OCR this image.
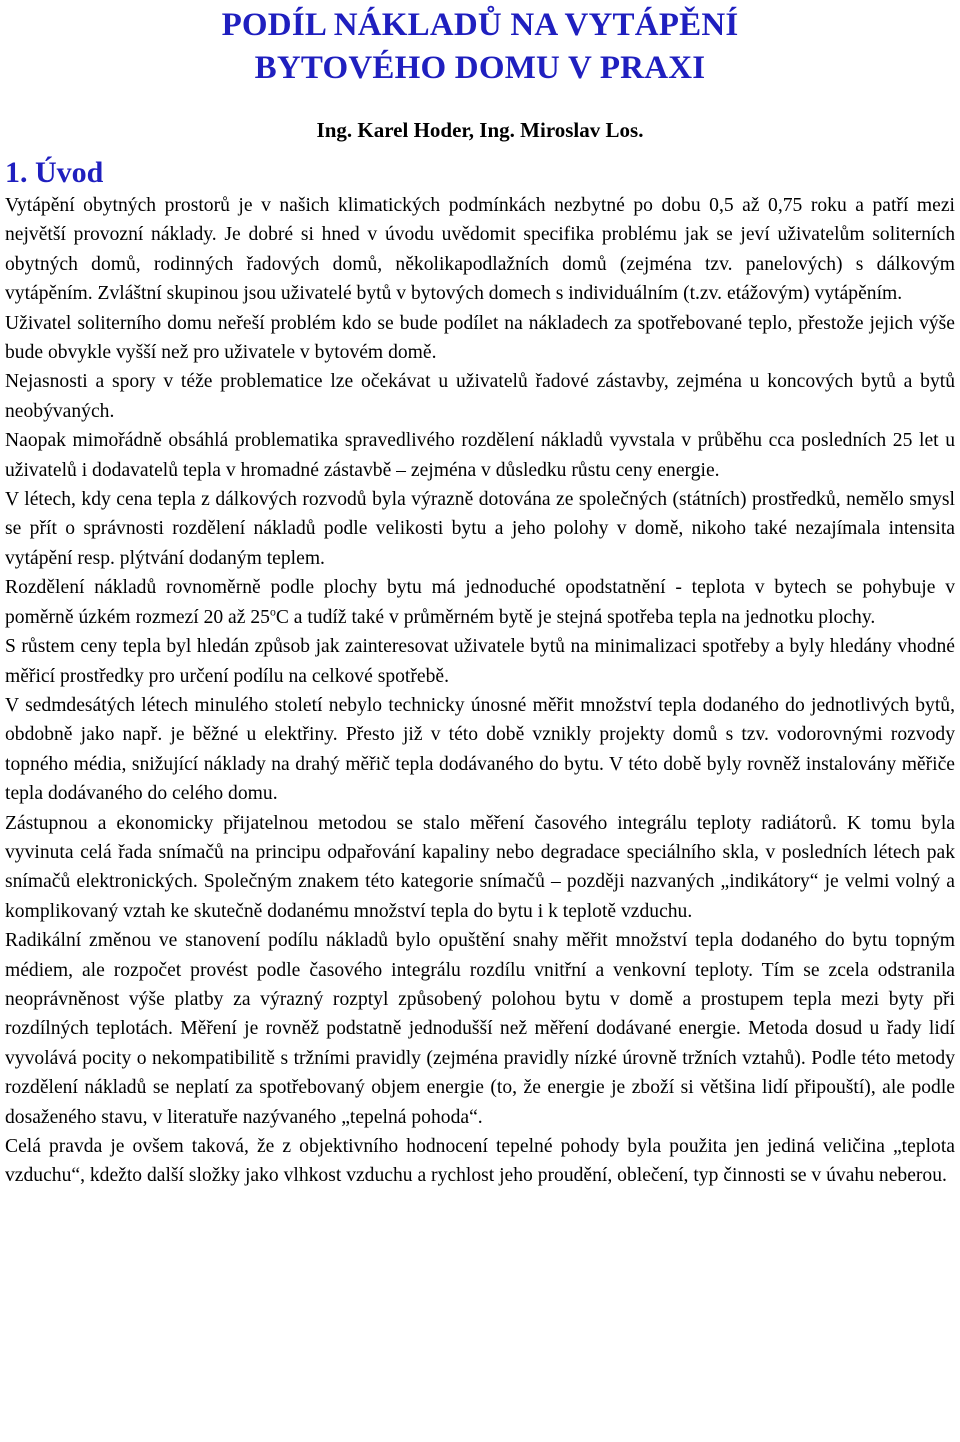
PODÍL NÁKLADŮ NA VYTÁPĚNÍ
BYTOVÉHO DOMU V PRAXI

Ing. Karel Hoder, Ing. Miroslav Los.

1. Úvod

Vytápění obytných prostorů je v našich klimatických podmínkách nezbytné po dobu 0,5 až 0,75 roku a patří mezi největší provozní náklady. Je dobré si hned v úvodu uvědomit specifika problému jak se jeví uživatelům soliterních obytných domů, rodinných řadových domů, několikapodlažních domů (zejména tzv. panelových) s dálkovým vytápěním. Zvláštní skupinou jsou uživatelé bytů v bytových domech s individuálním (t.zv. etážovým) vytápěním.

Uživatel soliterního domu neřeší problém kdo se bude podílet na nákladech za spotřebované teplo, přestože jejich výše bude obvykle vyšší než pro uživatele v bytovém domě.

Nejasnosti a spory v téže problematice lze očekávat u uživatelů řadové zástavby, zejména u koncových bytů a bytů neobývaných.

Naopak mimořádně obsáhlá problematika spravedlivého rozdělení nákladů vyvstala v průběhu cca posledních 25 let u uživatelů i dodavatelů tepla v hromadné zástavbě – zejména v důsledku růstu ceny energie.

V létech, kdy cena tepla z dálkových rozvodů byla výrazně dotována ze společných (státních) prostředků, nemělo smysl se přít o správnosti rozdělení nákladů podle velikosti bytu a jeho polohy v domě, nikoho také nezajímala intensita vytápění resp. plýtvání dodaným teplem.

Rozdělení nákladů rovnoměrně podle plochy bytu má jednoduché opodstatnění - teplota v bytech se pohybuje v poměrně úzkém rozmezí 20 až 25$^o$C a tudíž také v průměrném bytě je stejná spotřeba tepla na jednotku plochy.

S růstem ceny tepla byl hledán způsob jak zainteresovat uživatele bytů na minimalizaci spotřeby a byly hledány vhodné měřicí prostředky pro určení podílu na celkové spotřebě.

V sedmdesátých létech minulého století nebylo technicky únosné měřit množství tepla dodaného do jednotlivých bytů, obdobně jako např. je běžné u elektřiny. Přesto již v této době vznikly projekty domů s tzv. vodorovnými rozvody topného média, snižující náklady na drahý měřič tepla dodávaného do bytu. V této době byly rovněž instalovány měřiče tepla dodávaného do celého domu.

Zástupnou a ekonomicky přijatelnou metodou se stalo měření časového integrálu teploty radiátorů. K tomu byla vyvinuta celá řada snímačů na principu odpařování kapaliny nebo degradace speciálního skla, v posledních létech pak snímačů elektronických. Společným znakem této kategorie snímačů – později nazvaných „indikátory“ je velmi volný a komplikovaný vztah ke skutečně dodanému množství tepla do bytu i k teplotě vzduchu.

Radikální změnou ve stanovení podílu nákladů bylo opuštění snahy měřit množství tepla dodaného do bytu topným médiem, ale rozpočet provést podle časového integrálu rozdílu vnitřní a venkovní teploty. Tím se zcela odstranila neoprávněnost výše platby za výrazný rozptyl způsobený polohou bytu v domě a prostupem tepla mezi byty při rozdílných teplotách. Měření je rovněž podstatně jednodušší než měření dodávané energie. Metoda dosud u řady lidí vyvolává pocity o nekompatibilitě s tržními pravidly (zejména pravidly nízké úrovně tržních vztahů). Podle této metody rozdělení nákladů se neplatí za spotřebovaný objem energie (to, že energie je zboží si většina lidí připouští), ale podle dosaženého stavu, v literatuře nazývaného „tepelná pohoda“.

Celá pravda je ovšem taková, že z objektivního hodnocení tepelné pohody byla použita jen jediná veličina „teplota vzduchu“, kdežto další složky jako vlhkost vzduchu a rychlost jeho proudění, oblečení, typ činnosti se v úvahu neberou.
